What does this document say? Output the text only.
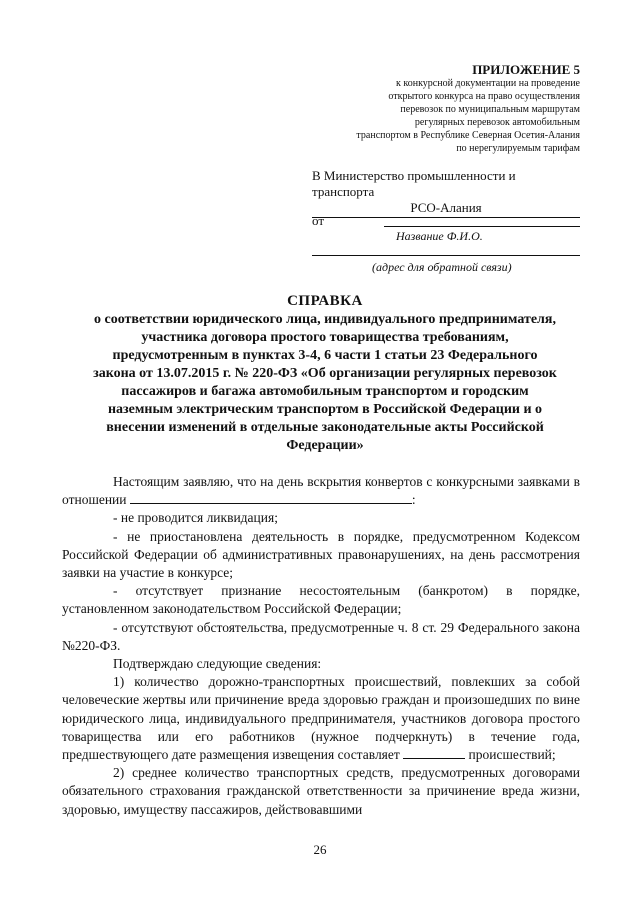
ПРИЛОЖЕНИЕ 5
к конкурсной документации на проведение
открытого конкурса на право осуществления
перевозок по муниципальным маршрутам
регулярных перевозок автомобильным
транспортом в Республике Северная Осетия-Алания
по нерегулируемым тарифам
В Министерство промышленности и транспорта
РСО-Алания
от
Название Ф.И.О.
(адрес для обратной связи)
СПРАВКА
о соответствии юридического лица, индивидуального предпринимателя,
участника договора простого товарищества требованиям,
предусмотренным в пунктах 3-4, 6 части 1 статьи 23 Федерального
закона от 13.07.2015 г. № 220-ФЗ «Об организации регулярных перевозок
пассажиров и багажа автомобильным транспортом и городским
наземным электрическим транспортом в Российской Федерации и о
внесении изменений в отдельные законодательные акты Российской
Федерации»
Настоящим заявляю, что на день вскрытия конвертов с конкурсными заявками в отношении	:
- не проводится ликвидация;
- не приостановлена деятельность в порядке, предусмотренном Кодексом Российской Федерации об административных правонарушениях, на день рассмотрения заявки на участие в конкурсе;
- отсутствует признание несостоятельным (банкротом) в порядке, установленном законодательством Российской Федерации;
- отсутствуют обстоятельства, предусмотренные ч. 8 ст. 29 Федерального закона №220-ФЗ.
Подтверждаю следующие сведения:
1) количество дорожно-транспортных происшествий, повлекших за собой человеческие жертвы или причинение вреда здоровью граждан и произошедших по вине юридического лица, индивидуального предпринимателя, участников договора простого товарищества или его работников (нужное подчеркнуть) в течение года, предшествующего дате размещения извещения составляет	происшествий;
2) среднее количество транспортных средств, предусмотренных договорами обязательного страхования гражданской ответственности за причинение вреда жизни, здоровью, имуществу пассажиров, действовавшими
26
